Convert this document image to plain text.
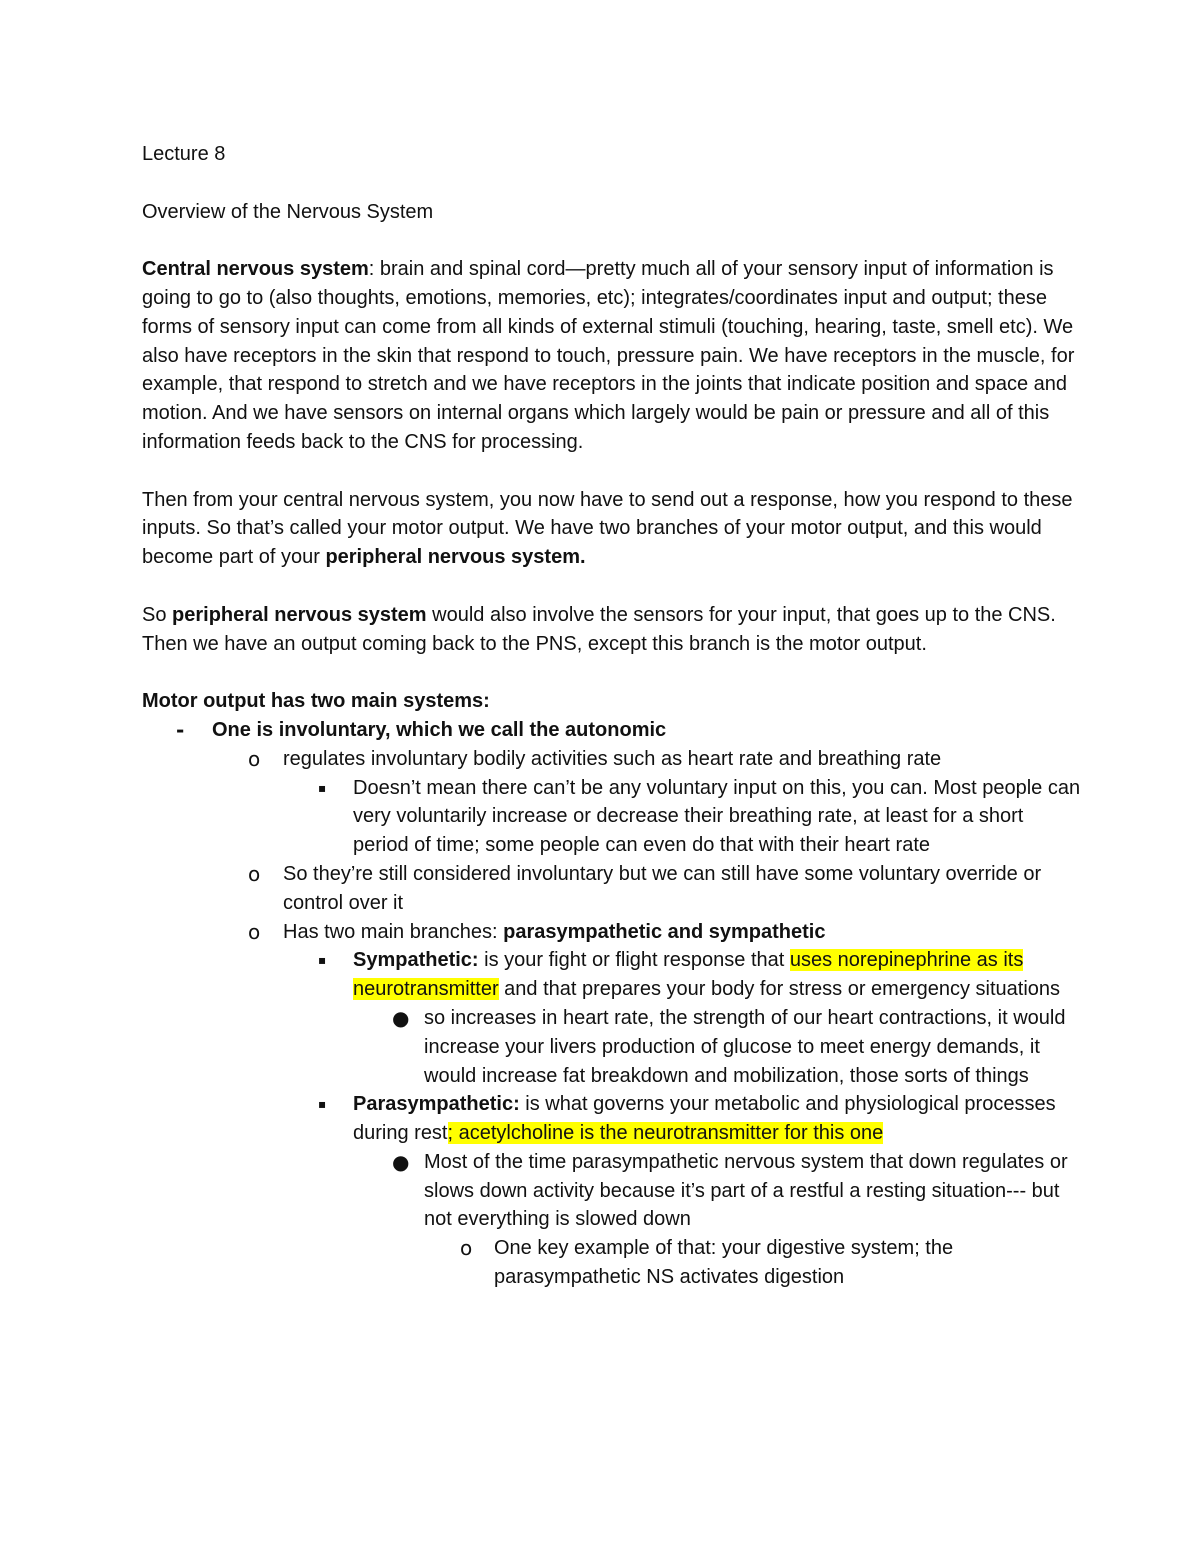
Lecture 8

Overview of the Nervous System

Central nervous system: brain and spinal cord—pretty much all of your sensory input of information is going to go to (also thoughts, emotions, memories, etc); integrates/coordinates input and output; these forms of sensory input can come from all kinds of external stimuli (touching, hearing, taste, smell etc). We also have receptors in the skin that respond to touch, pressure pain. We have receptors in the muscle, for example, that respond to stretch and we have receptors in the joints that indicate position and space and motion. And we have sensors on internal organs which largely would be pain or pressure and all of this information feeds back to the CNS for processing.

Then from your central nervous system, you now have to send out a response, how you respond to these inputs. So that’s called your motor output. We have two branches of your motor output, and this would become part of your peripheral nervous system.

So peripheral nervous system would also involve the sensors for your input, that goes up to the CNS. Then we have an output coming back to the PNS, except this branch is the motor output.

Motor output has two main systems:

- One is involuntary, which we call the autonomic
o regulates involuntary bodily activities such as heart rate and breathing rate
▪ Doesn’t mean there can’t be any voluntary input on this, you can. Most people can very voluntarily increase or decrease their breathing rate, at least for a short period of time; some people can even do that with their heart rate
o So they’re still considered involuntary but we can still have some voluntary override or control over it
o Has two main branches: parasympathetic and sympathetic
▪ Sympathetic: is your fight or flight response that uses norepinephrine as its neurotransmitter and that prepares your body for stress or emergency situations
● so increases in heart rate, the strength of our heart contractions, it would increase your livers production of glucose to meet energy demands, it would increase fat breakdown and mobilization, those sorts of things
▪ Parasympathetic: is what governs your metabolic and physiological processes during rest; acetylcholine is the neurotransmitter for this one
● Most of the time parasympathetic nervous system that down regulates or slows down activity because it’s part of a restful a resting situation--- but not everything is slowed down
o One key example of that: your digestive system; the parasympathetic NS activates digestion
